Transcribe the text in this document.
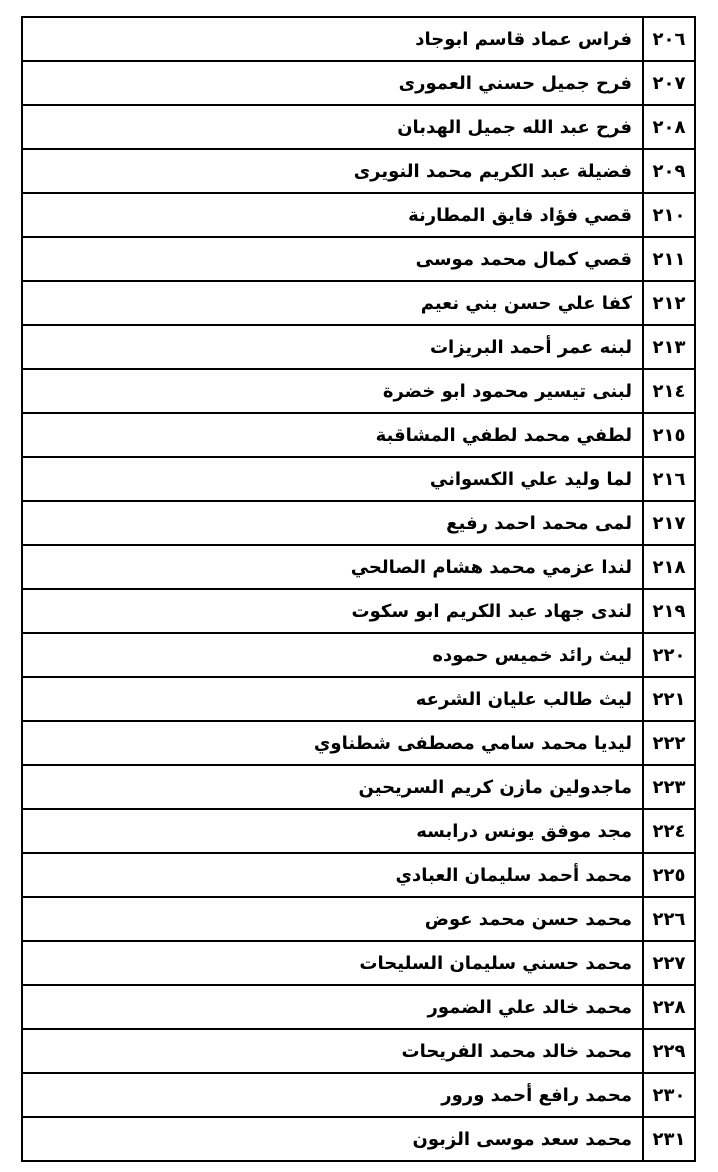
٢٠٦	فراس عماد قاسم ابوجاد
٢٠٧	فرح جميل حسني العمورى
٢٠٨	فرح عبد الله جميل الهدبان
٢٠٩	فضيلة عبد الكريم محمد النويرى
٢١٠	قصي فؤاد فايق المطارنة
٢١١	قصي كمال محمد موسى
٢١٢	كفا علي حسن بني نعيم
٢١٣	لبنه عمر أحمد البريزات
٢١٤	لبنى تيسير محمود ابو خضرة
٢١٥	لطفي محمد لطفي المشاقبة
٢١٦	لما وليد علي الكسواني
٢١٧	لمى محمد احمد رفيع
٢١٨	لندا عزمي محمد هشام الصالحي
٢١٩	لندى جهاد عبد الكريم ابو سكوت
٢٢٠	ليث رائد خميس حموده
٢٢١	ليث طالب عليان الشرعه
٢٢٢	ليديا محمد سامي مصطفى شطناوي
٢٢٣	ماجدولين مازن كريم السريحين
٢٢٤	مجد موفق يونس درابسه
٢٢٥	محمد أحمد سليمان العبادي
٢٢٦	محمد حسن محمد عوض
٢٢٧	محمد حسني سليمان السليحات
٢٢٨	محمد خالد علي الضمور
٢٢٩	محمد خالد محمد الفريحات
٢٣٠	محمد رافع أحمد ورور
٢٣١	محمد سعد موسى الزبون
